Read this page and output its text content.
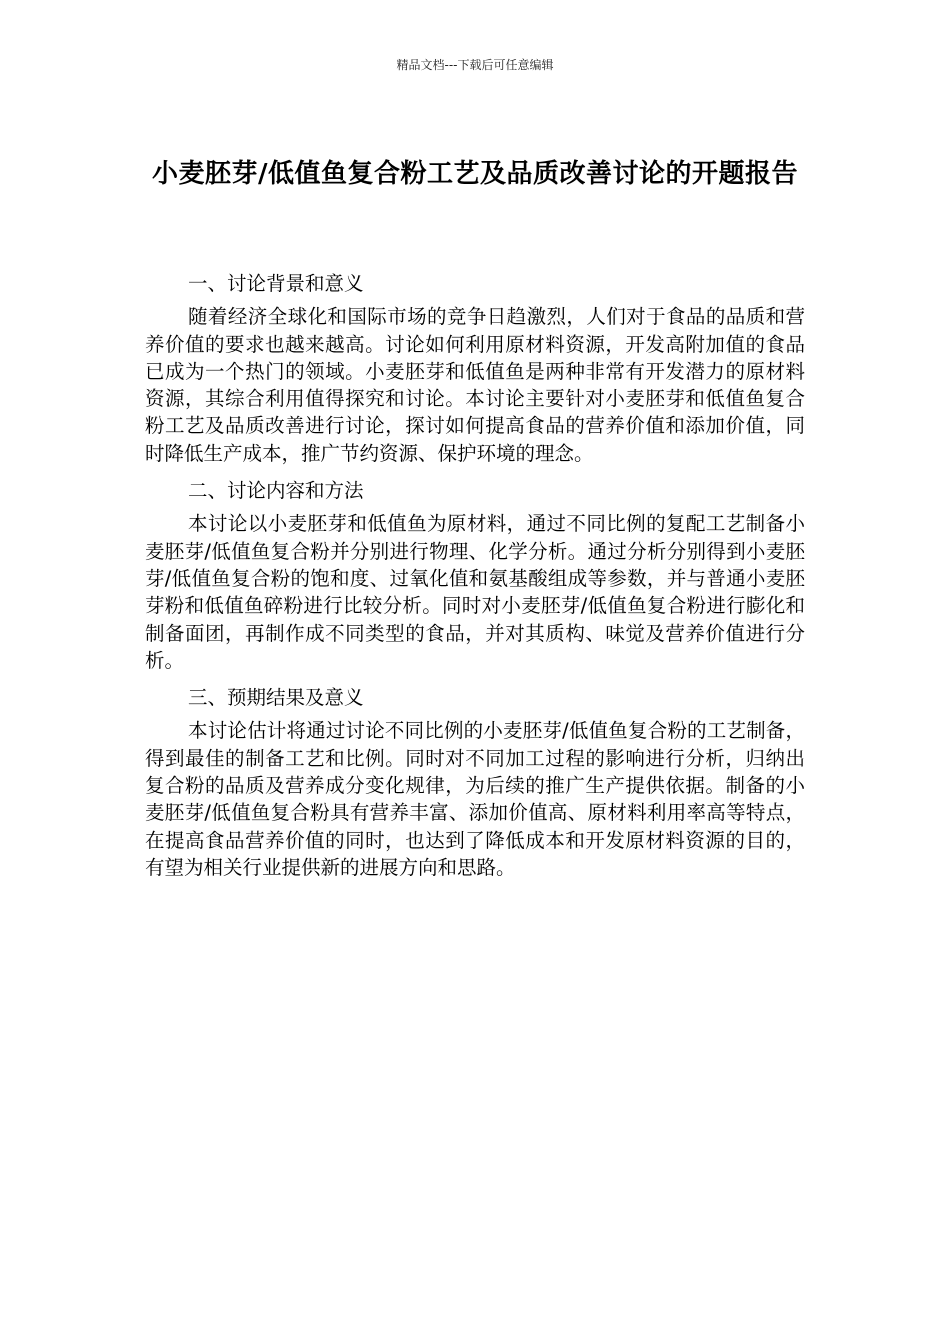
精品文档---下载后可任意编辑
小麦胚芽/低值鱼复合粉工艺及品质改善讨论的开题报告
一、讨论背景和意义

随着经济全球化和国际市场的竞争日趋激烈，人们对于食品的品质和营养价值的要求也越来越高。讨论如何利用原材料资源，开发高附加值的食品已成为一个热门的领域。小麦胚芽和低值鱼是两种非常有开发潜力的原材料资源，其综合利用值得探究和讨论。本讨论主要针对小麦胚芽和低值鱼复合粉工艺及品质改善进行讨论，探讨如何提高食品的营养价值和添加价值，同时降低生产成本，推广节约资源、保护环境的理念。

二、讨论内容和方法

本讨论以小麦胚芽和低值鱼为原材料，通过不同比例的复配工艺制备小麦胚芽/低值鱼复合粉并分别进行物理、化学分析。通过分析分别得到小麦胚芽/低值鱼复合粉的饱和度、过氧化值和氨基酸组成等参数，并与普通小麦胚芽粉和低值鱼碎粉进行比较分析。同时对小麦胚芽/低值鱼复合粉进行膨化和制备面团，再制作成不同类型的食品，并对其质构、味觉及营养价值进行分析。

三、预期结果及意义

本讨论估计将通过讨论不同比例的小麦胚芽/低值鱼复合粉的工艺制备，得到最佳的制备工艺和比例。同时对不同加工过程的影响进行分析，归纳出复合粉的品质及营养成分变化规律，为后续的推广生产提供依据。制备的小麦胚芽/低值鱼复合粉具有营养丰富、添加价值高、原材料利用率高等特点，在提高食品营养价值的同时，也达到了降低成本和开发原材料资源的目的，有望为相关行业提供新的进展方向和思路。
